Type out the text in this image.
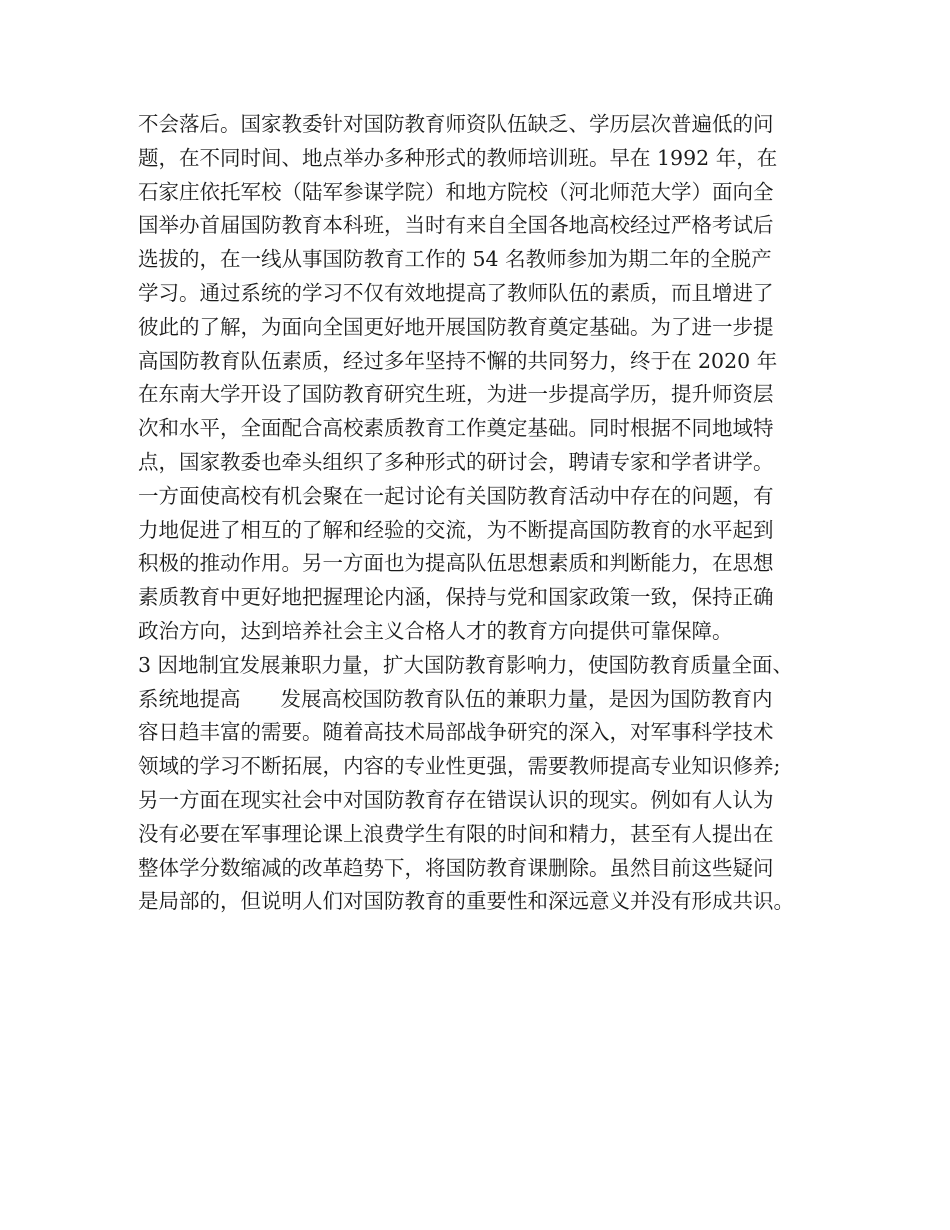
不会落后。国家教委针对国防教育师资队伍缺乏、学历层次普遍低的问
题，在不同时间、地点举办多种形式的教师培训班。早在 1992 年，在
石家庄依托军校（陆军参谋学院）和地方院校（河北师范大学）面向全
国举办首届国防教育本科班，当时有来自全国各地高校经过严格考试后
选拔的，在一线从事国防教育工作的 54 名教师参加为期二年的全脱产
学习。通过系统的学习不仅有效地提高了教师队伍的素质，而且增进了
彼此的了解，为面向全国更好地开展国防教育奠定基础。为了进一步提
高国防教育队伍素质，经过多年坚持不懈的共同努力，终于在 2020 年
在东南大学开设了国防教育研究生班，为进一步提高学历，提升师资层
次和水平，全面配合高校素质教育工作奠定基础。同时根据不同地域特
点，国家教委也牵头组织了多种形式的研讨会，聘请专家和学者讲学。
一方面使高校有机会聚在一起讨论有关国防教育活动中存在的问题，有
力地促进了相互的了解和经验的交流，为不断提高国防教育的水平起到
积极的推动作用。另一方面也为提高队伍思想素质和判断能力，在思想
素质教育中更好地把握理论内涵，保持与党和国家政策一致，保持正确
政治方向，达到培养社会主义合格人才的教育方向提供可靠保障。
3 因地制宜发展兼职力量，扩大国防教育影响力，使国防教育质量全面、
系统地提高 发展高校国防教育队伍的兼职力量，是因为国防教育内
容日趋丰富的需要。随着高技术局部战争研究的深入，对军事科学技术
领域的学习不断拓展，内容的专业性更强，需要教师提高专业知识修养;
另一方面在现实社会中对国防教育存在错误认识的现实。例如有人认为
没有必要在军事理论课上浪费学生有限的时间和精力，甚至有人提出在
整体学分数缩减的改革趋势下，将国防教育课删除。虽然目前这些疑问
是局部的，但说明人们对国防教育的重要性和深远意义并没有形成共识。
